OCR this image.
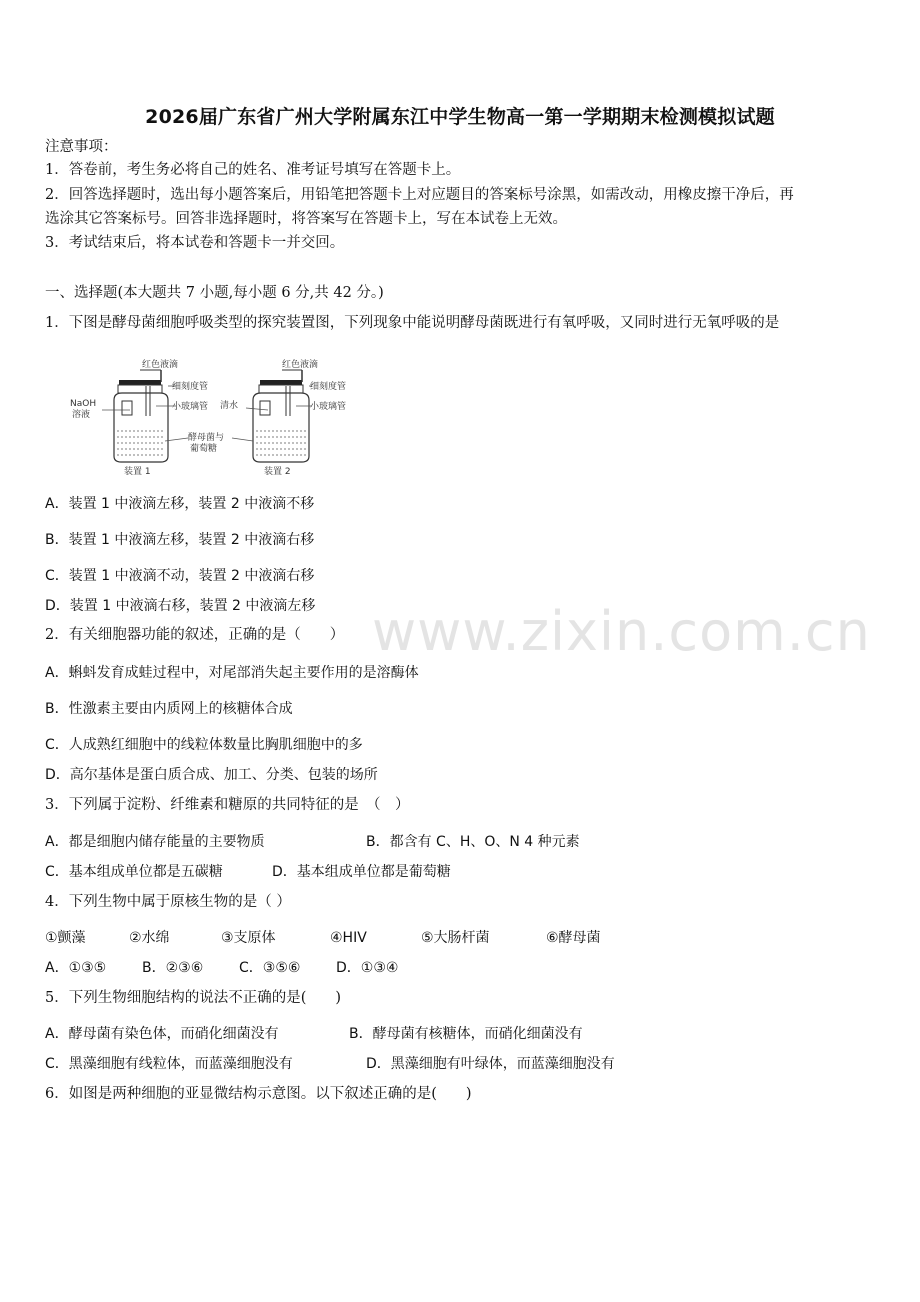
www.zixin.com.cn
2026届广东省广州大学附属东江中学生物高一第一学期期末检测模拟试题
注意事项：
1．答卷前，考生务必将自己的姓名、准考证号填写在答题卡上。
2．回答选择题时，选出每小题答案后，用铅笔把答题卡上对应题目的答案标号涂黑，如需改动，用橡皮擦干净后，再
选涂其它答案标号。回答非选择题时，将答案写在答题卡上，写在本试卷上无效。
3．考试结束后，将本试卷和答题卡一并交回。
一、选择题(本大题共 7 小题,每小题 6 分,共 42 分。)
1．下图是酵母菌细胞呼吸类型的探究装置图，下列现象中能说明酵母菌既进行有氧呼吸，又同时进行无氧呼吸的是
红色液滴
细刻度管
小玻璃管
NaOH
溶液
酵母菌与
葡萄糖
装置 1
红色液滴
细刻度管
清水	小玻璃管
装置 2
A．装置 1 中液滴左移，装置 2 中液滴不移
B．装置 1 中液滴左移，装置 2 中液滴右移
C．装置 1 中液滴不动，装置 2 中液滴右移
D．装置 1 中液滴右移，装置 2 中液滴左移
2．有关细胞器功能的叙述，正确的是（　　）
A．蝌蚪发育成蛙过程中，对尾部消失起主要作用的是溶酶体
B．性激素主要由内质网上的核糖体合成
C．人成熟红细胞中的线粒体数量比胸肌细胞中的多
D．高尔基体是蛋白质合成、加工、分类、包装的场所
3．下列属于淀粉、纤维素和糖原的共同特征的是　（　）
A．都是细胞内储存能量的主要物质	B．都含有 C、H、O、N 4 种元素
C．基本组成单位都是五碳糖	D．基本组成单位都是葡萄糖
4．下列生物中属于原核生物的是（ ）
①颤藻	②水绵	③支原体	④HIV	⑤大肠杆菌	⑥酵母菌
A．①③⑤	B．②③⑥	C．③⑤⑥	D．①③④
5．下列生物细胞结构的说法不正确的是(　　)
A．酵母菌有染色体，而硝化细菌没有	B．酵母菌有核糖体，而硝化细菌没有
C．黑藻细胞有线粒体，而蓝藻细胞没有	D．黑藻细胞有叶绿体，而蓝藻细胞没有
6．如图是两种细胞的亚显微结构示意图。以下叙述正确的是(　　)
